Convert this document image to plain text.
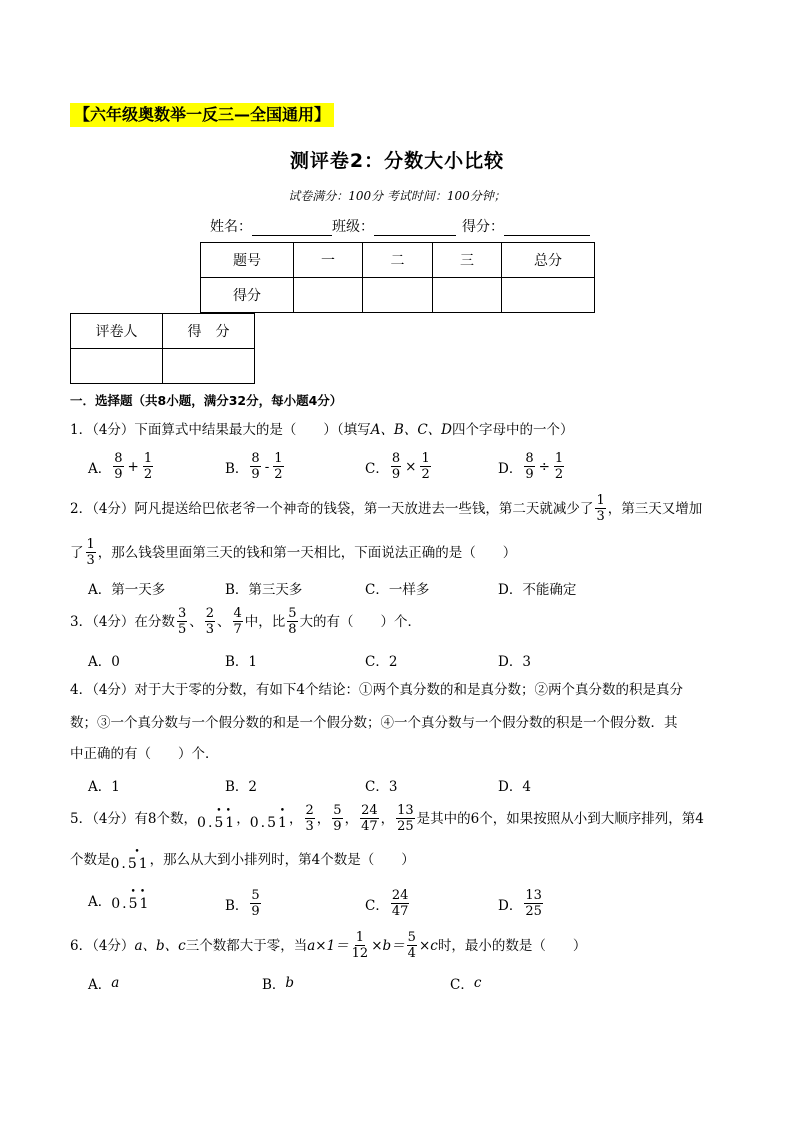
【六年级奥数举一反三—全国通用】
测评卷2：分数大小比较
试卷满分：100分 考试时间：100分钟；
姓名：	班级：	得分：
题号	一	二	三	总分
得分				
评卷人	得　分

一．选择题（共8小题，满分32分，每小题4分）
1．（4分）下面算式中结果最大的是（　　）（填写A、B、C、D四个字母中的一个）
A． $\frac{8}{9} + \frac{1}{2}$	B． $\frac{8}{9} - \frac{1}{2}$	C． $\frac{8}{9} \times \frac{1}{2}$	D． $\frac{8}{9} \div \frac{1}{2}$
2．（4分）阿凡提送给巴依老爷一个神奇的钱袋，第一天放进去一些钱，第二天就减少了 $\frac{1}{3}$ ，第三天又增加
了 $\frac{1}{3}$ ，那么钱袋里面第三天的钱和第一天相比，下面说法正确的是（　　）
A．第一天多	B．第三天多	C．一样多	D．不能确定
3．（4分）在分数 $\frac{3}{5}$ 、 $\frac{2}{3}$ 、 $\frac{4}{7}$ 中，比 $\frac{5}{8}$ 大的有（　　）个．
A．0	B．1	C．2	D．3
4．（4分）对于大于零的分数，有如下4个结论：①两个真分数的和是真分数；②两个真分数的积是真分
数；③一个真分数与一个假分数的和是一个假分数；④一个真分数与一个假分数的积是一个假分数．其
中正确的有（　　）个．
A．1	B．2	C．3	D．4
5．（4分）有8个数，	••
0.51 ，	•
0.51 ， $\frac{2}{3}$ ， $\frac{5}{9}$ ， $\frac{24}{47}$ ， $\frac{13}{25}$ 是其中的6个，如果按照从小到大顺序排列，第4
个数是	•
0.51 ，那么从大到小排列时，第4个数是（　　）
A．
••
0.51	B． $\frac{5}{9}$	C． $\frac{24}{47}$	D． $\frac{13}{25}$
6．（4分） a、b、c 三个数都大于零，当 $a\times 1= \frac{1}{12} \times b= \frac{5}{4} \times c$ 时，最小的数是（　　）
A． a	B． b	C． c
